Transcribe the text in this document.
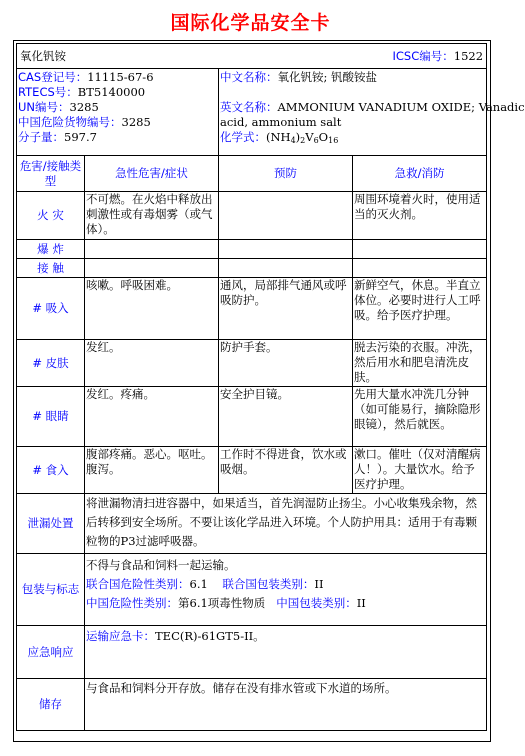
国际化学品安全卡
氧化钒铵 ICSC编号：1522			

CAS登记号：11115-67-6
RTECS号：BT5140000
UN编号：3285
中国危险货物编号：3285
分子量：597.7		中文名称：氧化钒铵; 钒酸铵盐
英文名称：AMMONIUM VANADIUM OXIDE; Vanadic
acid, ammonium salt
化学式：$(NH_4)_2V_6O_{16}$

危害/接触类型	急性危害/症状	预防	急救/消防
火 灾	不可燃。在火焰中释放出刺激性或有毒烟雾（或气体）。		周围环境着火时，使用适当的灭火剂。
爆 炸			
接 触			
# 吸入	咳嗽。呼吸困难。	通风，局部排气通风或呼吸防护。	新鲜空气，休息。半直立体位。必要时进行人工呼吸。给予医疗护理。
# 皮肤	发红。	防护手套。	脱去污染的衣服。冲洗，然后用水和肥皂清洗皮肤。
# 眼睛	发红。疼痛。	安全护目镜。	先用大量水冲洗几分钟（如可能易行，摘除隐形眼镜），然后就医。
# 食入	腹部疼痛。恶心。呕吐。腹泻。	工作时不得进食，饮水或吸烟。	漱口。催吐（仅对清醒病人！）。大量饮水。给予医疗护理。
泄漏处置	将泄漏物清扫进容器中，如果适当，首先润湿防止扬尘。小心收集残余物，然后转移到安全场所。不要让该化学品进入环境。个人防护用具：适用于有毒颗粒物的P3过滤呼吸器。		
包装与标志	不得与食品和饲料一起运输。
联合国危险性类别：6.1 联合国包装类别：II
中国危险性类别：第6.1项毒性物质 中国包装类别：II		

应急响应	运输应急卡：TEC(R)-61GT5-II。		
储存	与食品和饲料分开存放。储存在没有排水管或下水道的场所。		
